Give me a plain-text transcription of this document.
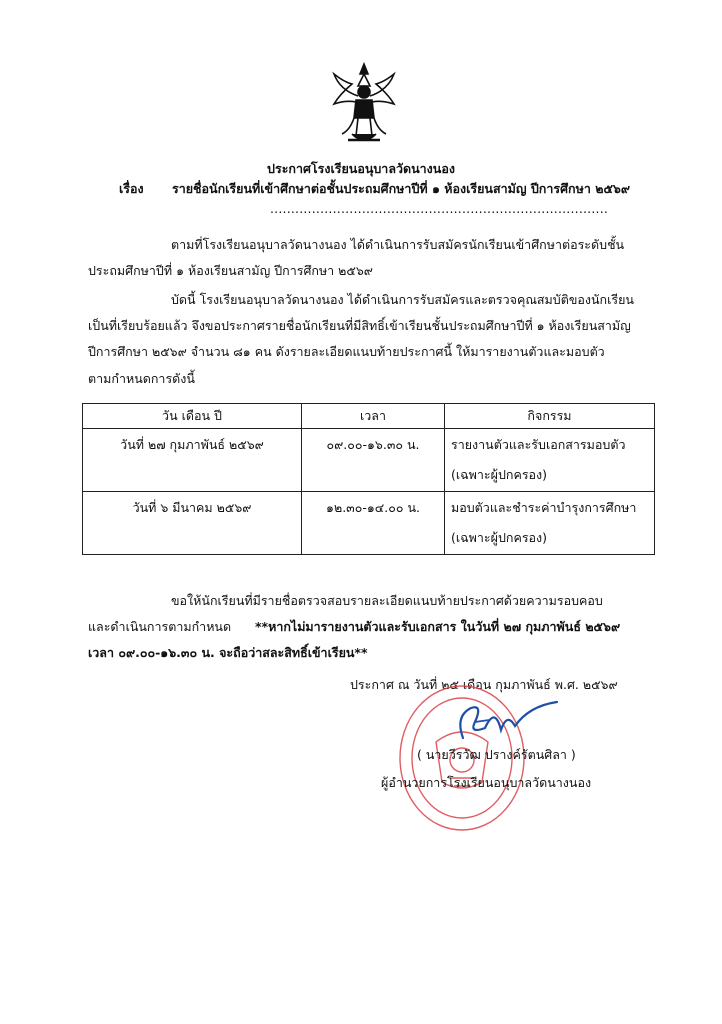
ประกาศโรงเรียนอนุบาลวัดนางนอง
เรื่อง รายชื่อนักเรียนที่เข้าศึกษาต่อชั้นประถมศึกษาปีที่ ๑ ห้องเรียนสามัญ ปีการศึกษา ๒๕๖๙
.................................................................................
ตามที่โรงเรียนอนุบาลวัดนางนอง ได้ดำเนินการรับสมัครนักเรียนเข้าศึกษาต่อระดับชั้น
ประถมศึกษาปีที่ ๑ ห้องเรียนสามัญ ปีการศึกษา ๒๕๖๙
บัดนี้ โรงเรียนอนุบาลวัดนางนอง ได้ดำเนินการรับสมัครและตรวจคุณสมบัติของนักเรียน
เป็นที่เรียบร้อยแล้ว จึงขอประกาศรายชื่อนักเรียนที่มีสิทธิ์เข้าเรียนชั้นประถมศึกษาปีที่ ๑ ห้องเรียนสามัญ
ปีการศึกษา ๒๕๖๙ จำนวน ๘๑ คน ดังรายละเอียดแนบท้ายประกาศนี้ ให้มารายงานตัวและมอบตัว
ตามกำหนดการดังนี้
วัน เดือน ปี	เวลา	กิจกรรม
วันที่ ๒๗ กุมภาพันธ์ ๒๕๖๙	๐๙.๐๐-๑๖.๓๐ น.	รายงานตัวและรับเอกสารมอบตัว
(เฉพาะผู้ปกครอง)

วันที่ ๖ มีนาคม ๒๕๖๙	๑๒.๓๐-๑๔.๐๐ น.	มอบตัวและชำระค่าบำรุงการศึกษา
(เฉพาะผู้ปกครอง)
ขอให้นักเรียนที่มีรายชื่อตรวจสอบรายละเอียดแนบท้ายประกาศด้วยความรอบคอบ
และดำเนินการตามกำหนด **หากไม่มารายงานตัวและรับเอกสาร ในวันที่ ๒๗ กุมภาพันธ์ ๒๕๖๙
เวลา ๐๙.๐๐-๑๖.๓๐ น. จะถือว่าสละสิทธิ์เข้าเรียน**
ประกาศ ณ วันที่ ๒๕ เดือน กุมภาพันธ์ พ.ศ. ๒๕๖๙
( นายวีรวัฒ ปรางค์รัตนศิลา )
ผู้อำนวยการโรงเรียนอนุบาลวัดนางนอง
